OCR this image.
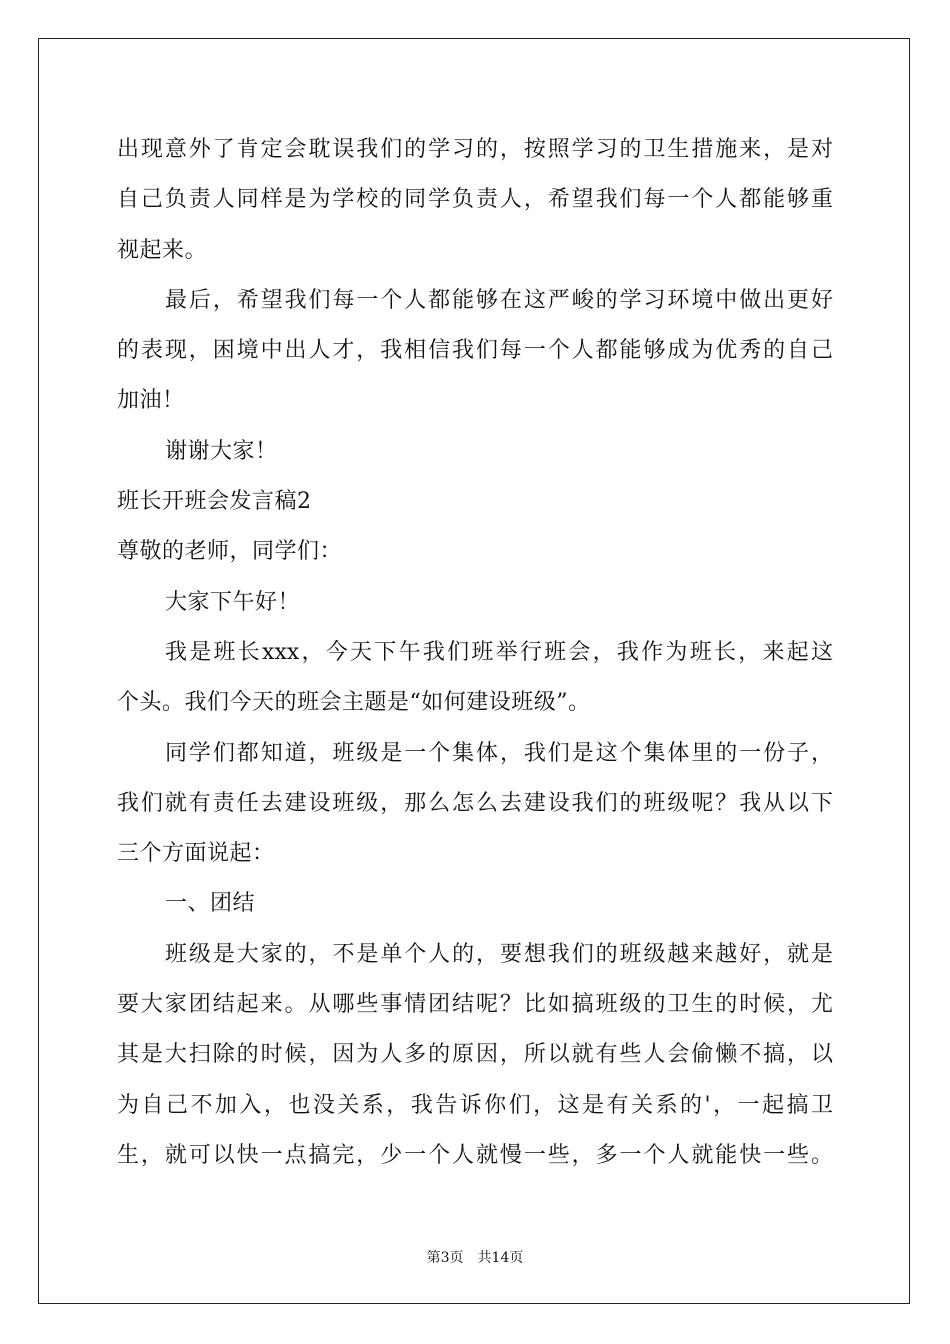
出现意外了肯定会耽误我们的学习的，按照学习的卫生措施来，是对
自己负责人同样是为学校的同学负责人，希望我们每一个人都能够重
视起来。
最后，希望我们每一个人都能够在这严峻的学习环境中做出更好
的表现，困境中出人才，我相信我们每一个人都能够成为优秀的自己
加油！
谢谢大家！
班长开班会发言稿2
尊敬的老师，同学们：
大家下午好！
我是班长xxx，今天下午我们班举行班会，我作为班长，来起这
个头。我们今天的班会主题是“如何建设班级”。
同学们都知道，班级是一个集体，我们是这个集体里的一份子，
我们就有责任去建设班级，那么怎么去建设我们的班级呢？我从以下
三个方面说起：
一、团结
班级是大家的，不是单个人的，要想我们的班级越来越好，就是
要大家团结起来。从哪些事情团结呢？比如搞班级的卫生的时候，尤
其是大扫除的时候，因为人多的原因，所以就有些人会偷懒不搞，以
为自己不加入，也没关系，我告诉你们，这是有关系的'，一起搞卫
生，就可以快一点搞完，少一个人就慢一些，多一个人就能快一些。
第3页 共14页
